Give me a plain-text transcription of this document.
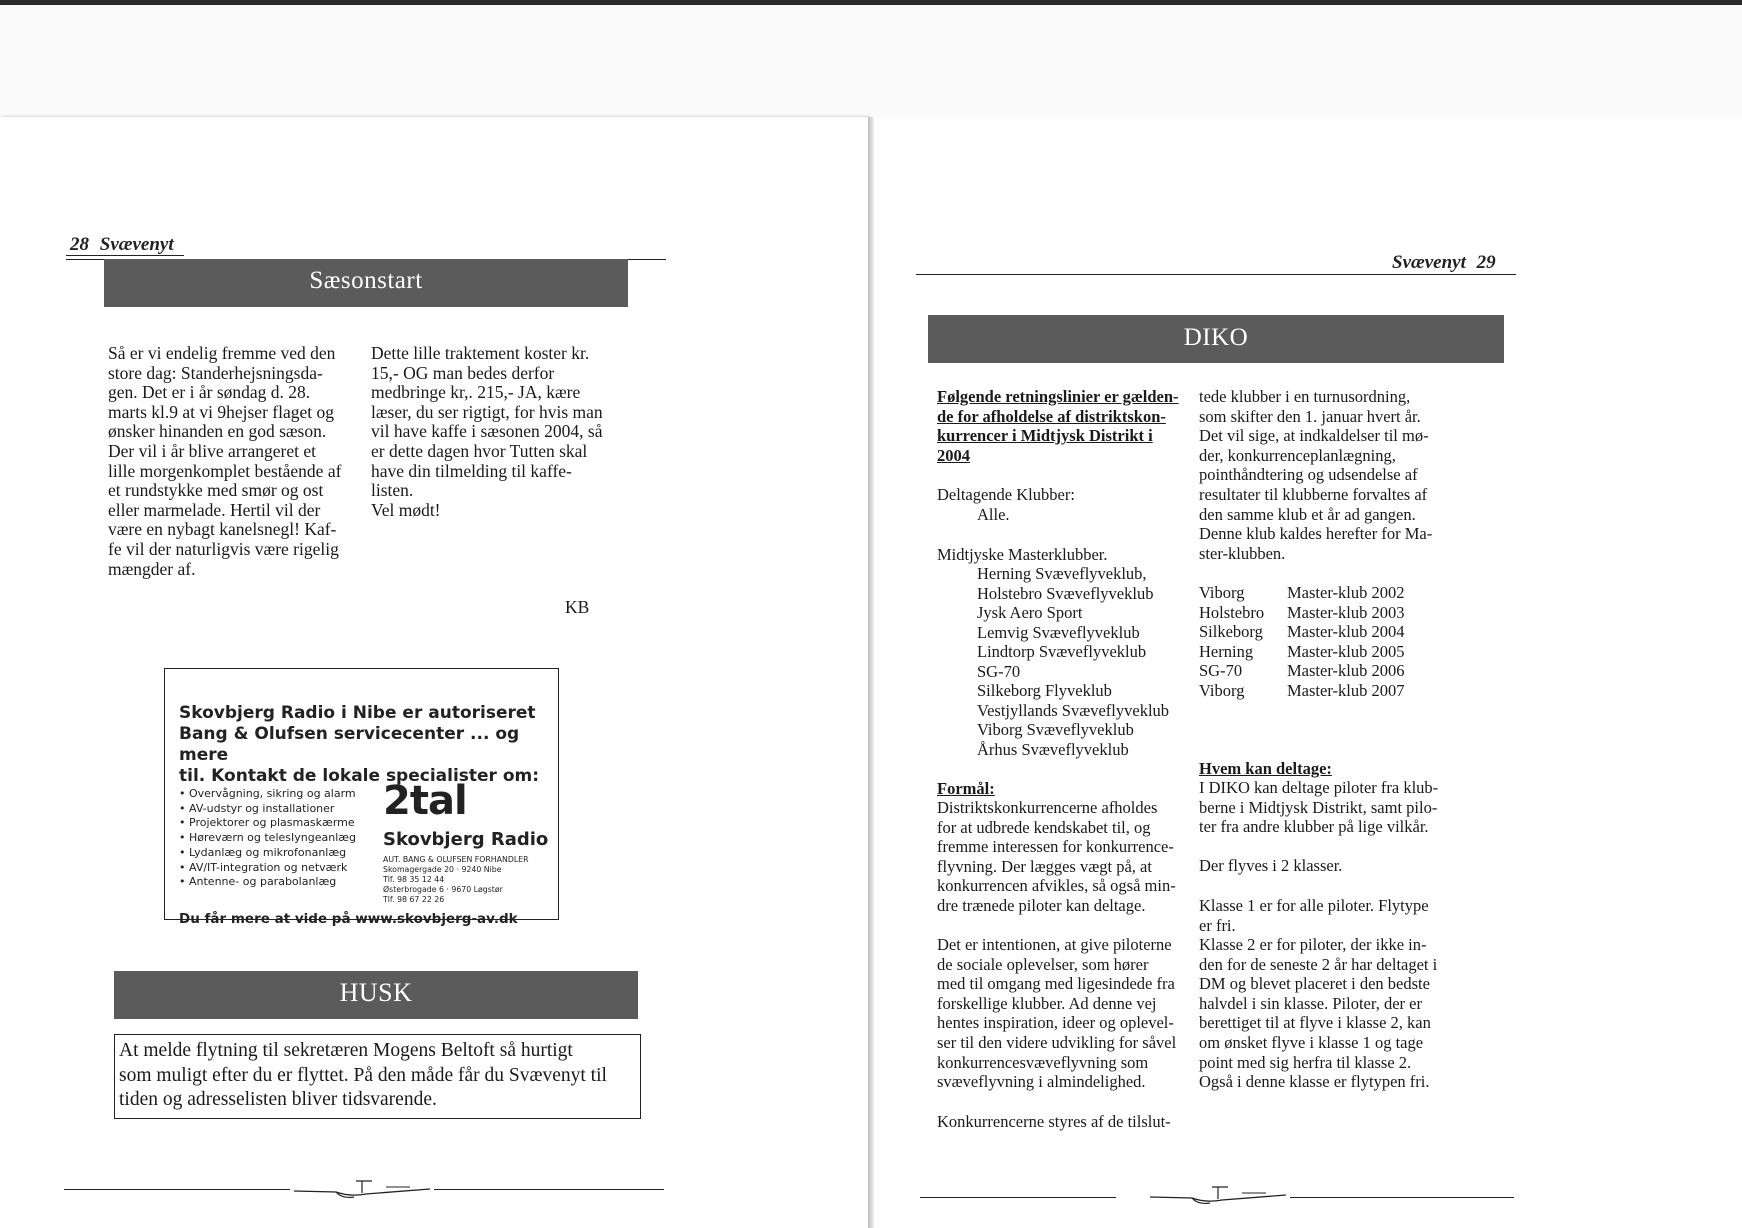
28 Svævenyt
Sæsonstart
Så er vi endelig fremme ved den
store dag: Standerhejsningsda-
gen. Det er i år søndag d. 28.
marts kl.9 at vi 9hejser flaget og
ønsker hinanden en god sæson.
Der vil i år blive arrangeret et
lille morgenkomplet bestående af
et rundstykke med smør og ost
eller marmelade. Hertil vil der
være en nybagt kanelsnegl! Kaf-
fe vil der naturligvis være rigelig
mængder af.
Dette lille traktement koster kr.
15,- OG man bedes derfor
medbringe kr,. 215,- JA, kære
læser, du ser rigtigt, for hvis man
vil have kaffe i sæsonen 2004, så
er dette dagen hvor Tutten skal
have din tilmelding til kaffe-
listen.
Vel mødt!
KB
Skovbjerg Radio i Nibe er autoriseret
Bang & Olufsen servicecenter ... og mere
til. Kontakt de lokale specialister om:
• Overvågning, sikring og alarm
• AV-udstyr og installationer
• Projektorer og plasmaskærme
• Høreværn og telesIyngeanlæg
• Lydanlæg og mikrofonanlæg
• AV/IT-integration og netværk
• Antenne- og parabolanlæg
2tal
Skovbjerg Radio
AUT. BANG & OLUFSEN FORHANDLER
Skomagergade 20 · 9240 Nibe
Tlf. 98 35 12 44
Østerbrogade 6 · 9670 Løgstør
Tlf. 98 67 22 26
Du får mere at vide på www.skovbjerg-av.dk
HUSK
At melde flytning til sekretæren Mogens Beltoft så hurtigt
som muligt efter du er flyttet. På den måde får du Svævenyt til
tiden og adresselisten bliver tidsvarende.
Svævenyt 29
DIKO
Følgende retningslinier er gælden-
de for afholdelse af distriktskon-
kurrencer i Midtjysk Distrikt i
2004
Deltagende Klubber:
Alle.
Midtjyske Masterklubber.
Herning Svæveflyveklub,
Holstebro Svæveflyveklub
Jysk Aero Sport
Lemvig Svæveflyveklub
Lindtorp Svæveflyveklub
SG-70
Silkeborg Flyveklub
Vestjyllands Svæveflyveklub
Viborg Svæveflyveklub
Århus Svæveflyveklub
Formål:
Distriktskonkurrencerne afholdes
for at udbrede kendskabet til, og
fremme interessen for konkurrence-
flyvning. Der lægges vægt på, at
konkurrencen afvikles, så også min-
dre trænede piloter kan deltage.
Det er intentionen, at give piloterne
de sociale oplevelser, som hører
med til omgang med ligesindede fra
forskellige klubber. Ad denne vej
hentes inspiration, ideer og oplevel-
ser til den videre udvikling for såvel
konkurrencesvæveflyvning som
svæveflyvning i almindelighed.
Konkurrencerne styres af de tilslut-
tede klubber i en turnusordning,
som skifter den 1. januar hvert år.
Det vil sige, at indkaldelser til mø-
der, konkurrenceplanlægning,
pointhåndtering og udsendelse af
resultater til klubberne forvaltes af
den samme klub et år ad gangen.
Denne klub kaldes herefter for Ma-
ster-klubben.
Viborg	Master-klub 2002
Holstebro Master-klub 2003
Silkeborg Master-klub 2004
Herning Master-klub 2005
SG-70	Master-klub 2006
Viborg	Master-klub 2007
Hvem kan deltage:
I DIKO kan deltage piloter fra klub-
berne i Midtjysk Distrikt, samt pilo-
ter fra andre klubber på lige vilkår.
Der flyves i 2 klasser.
Klasse 1 er for alle piloter. Flytype
er fri.
Klasse 2 er for piloter, der ikke in-
den for de seneste 2 år har deltaget i
DM og blevet placeret i den bedste
halvdel i sin klasse. Piloter, der er
berettiget til at flyve i klasse 2, kan
om ønsket flyve i klasse 1 og tage
point med sig herfra til klasse 2.
Også i denne klasse er flytypen fri.
